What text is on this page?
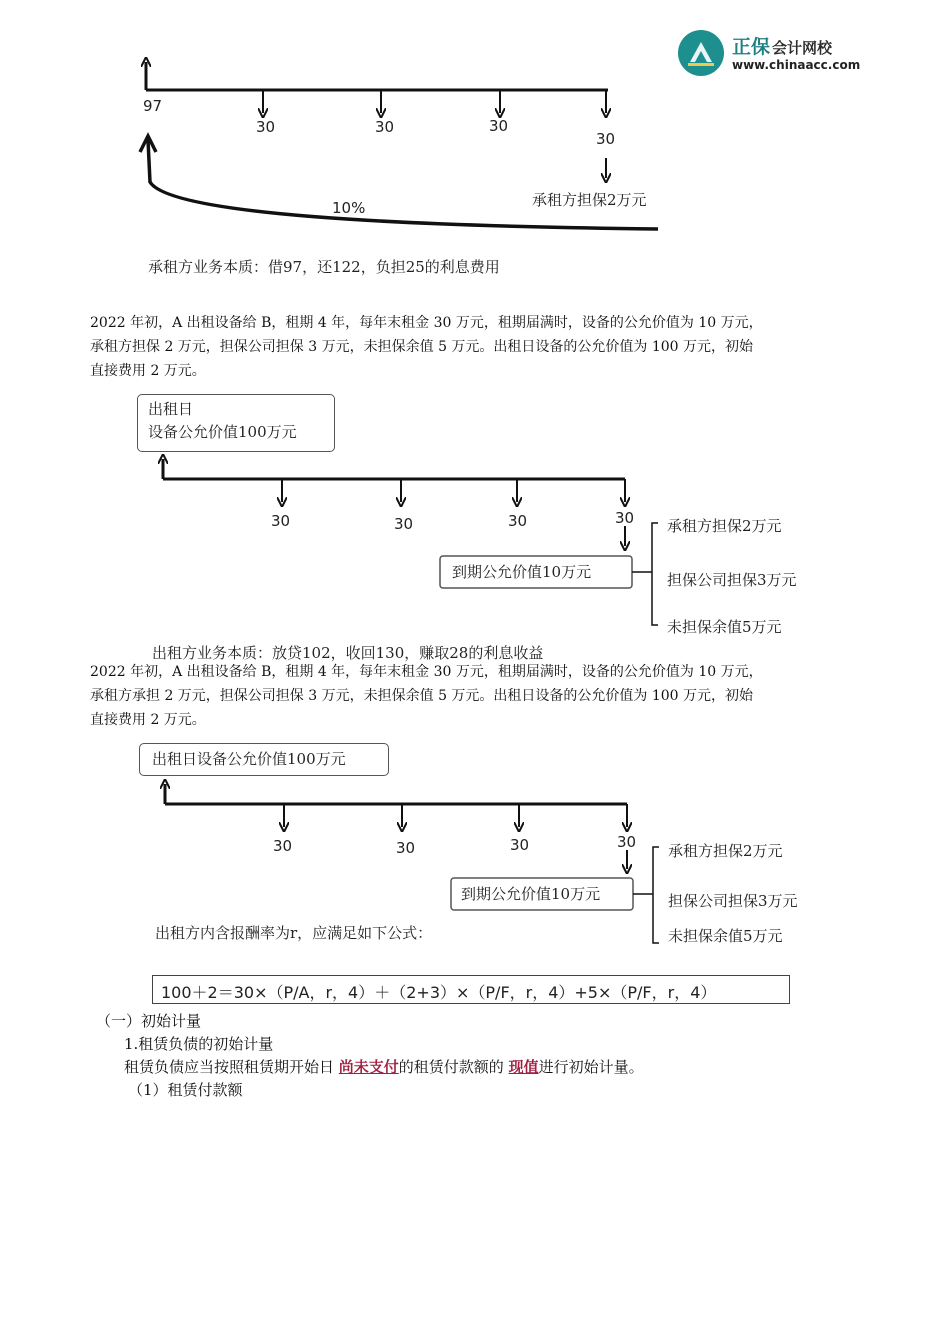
正保 会计网校
www.chinaacc.com
97
30	30	30
30
10%	承租方担保2万元
承租方业务本质：借97，还122，负担25的利息费用
2022 年初，A 出租设备给 B，租期 4 年，每年末租金 30 万元，租期届满时，设备的公允价值为 10 万元，
承租方担保 2 万元，担保公司担保 3 万元，未担保余值 5 万元。出租日设备的公允价值为 100 万元，初始
直接费用 2 万元。
出租日
设备公允价值100万元
30	30	30	30
到期公允价值10万元
承租方担保2万元
担保公司担保3万元
未担保余值5万元
出租方业务本质：放贷102，收回130，赚取28的利息收益
2022 年初，A 出租设备给 B，租期 4 年，每年末租金 30 万元，租期届满时，设备的公允价值为 10 万元，
承租方承担 2 万元，担保公司担保 3 万元，未担保余值 5 万元。出租日设备的公允价值为 100 万元，初始
直接费用 2 万元。
出租日设备公允价值100万元
30	30	30	30
到期公允价值10万元
承租方担保2万元
担保公司担保3万元
未担保余值5万元
出租方内含报酬率为r，应满足如下公式：
100＋2＝30×（P/A，r，4）＋（2+3）×（P/F，r，4）+5×（P/F，r，4）
（一）初始计量
1.租赁负债的初始计量
租赁负债应当按照租赁期开始日 尚未支付的租赁付款额的 现值进行初始计量。
（1）租赁付款额
